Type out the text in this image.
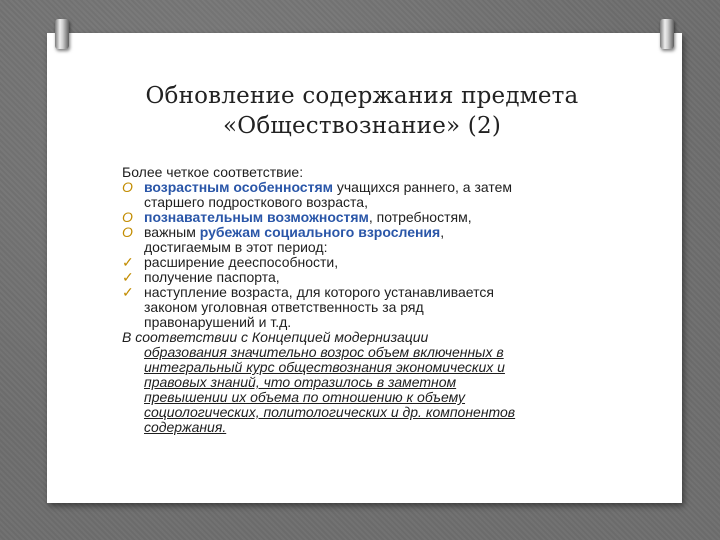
Обновление содержания предмета
«Обществознание» (2)

Более четкое соответствие:

O возрастным особенностям учащихся раннего, а затем
старшего подросткового возраста,

O познавательным возможностям, потребностям,

O важным рубежам социального взросления,
достигаемым в этот период:

✓ расширение дееспособности,

✓ получение паспорта,

✓ наступление возраста, для которого устанавливается
законом уголовная ответственность за ряд
правонарушений и т.д.

В соответствии с Концепцией модернизации
образования значительно возрос объем включенных в
интегральный курс обществознания экономических и
правовых знаний, что отразилось в заметном
превышении их объема по отношению к объему
социологических, политологических и др. компонентов
содержания.
